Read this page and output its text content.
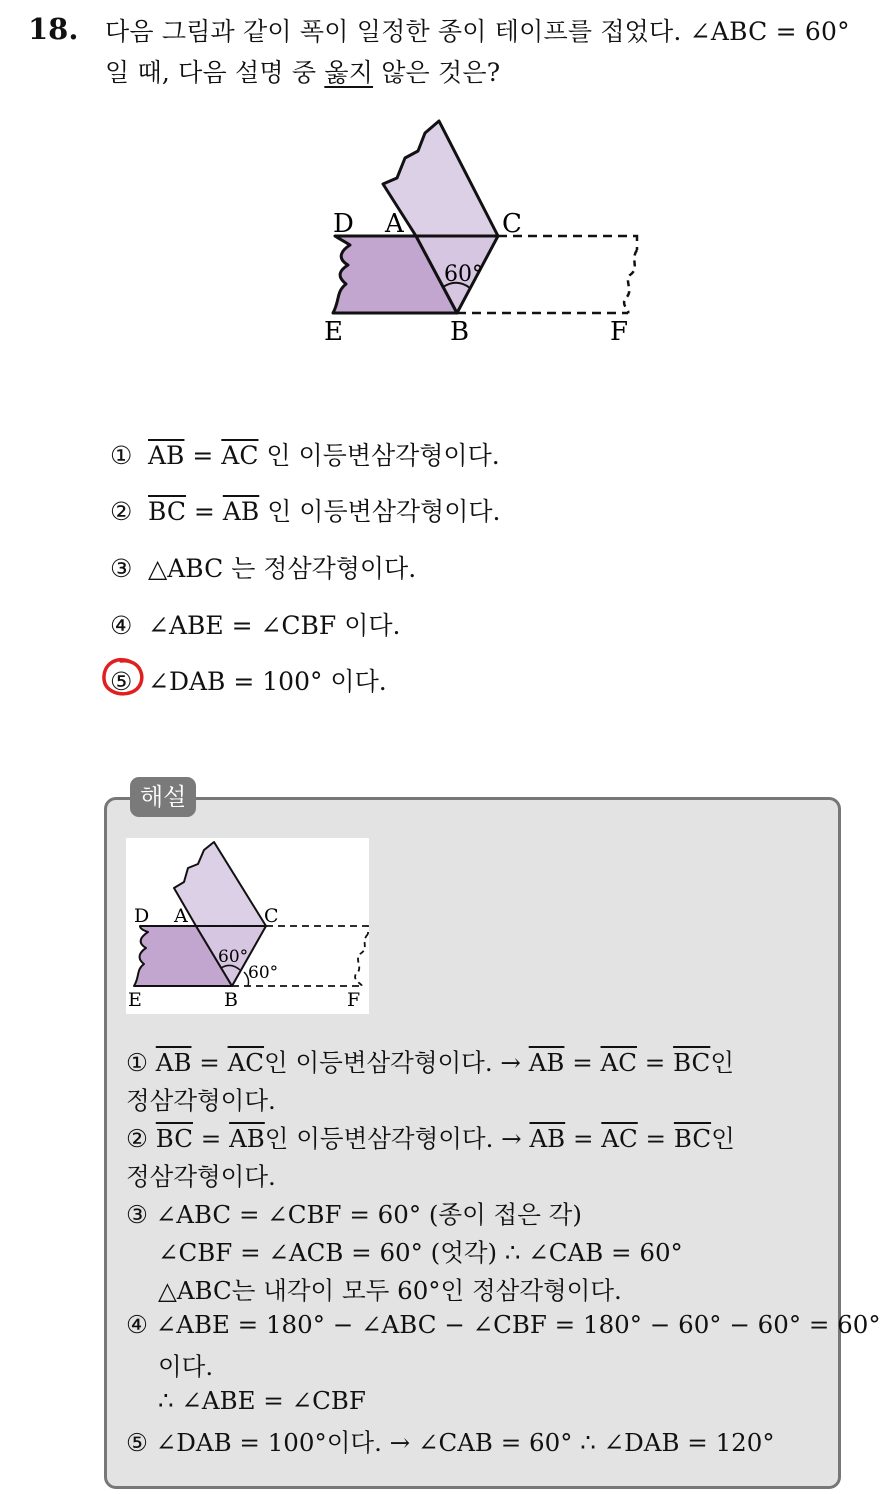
18. 다음 그림과 같이 폭이 일정한 종이 테이프를 접었다. ∠ABC = 60°
일 때, 다음 설명 중 옳지 않은 것은?
D A	C
E	B	F
60°
① $\overline{AB} = \overline{AC}$ 인 이등변삼각형이다.
② $\overline{BC} = \overline{AB}$ 인 이등변삼각형이다.
③ △ABC 는 정삼각형이다.
④ ∠ABE = ∠CBF 이다.
⑤ ∠DAB = 100° 이다.
해설
D A	C
E	B	F
60°
60°
① $\overline{AB} = \overline{AC}$인 이등변삼각형이다. → $\overline{AB} = \overline{AC} = \overline{BC}$인
정삼각형이다.
② $\overline{BC} = \overline{AB}$인 이등변삼각형이다. → $\overline{AB} = \overline{AC} = \overline{BC}$인
정삼각형이다.
③ ∠ABC = ∠CBF = 60° (종이 접은 각)
∠CBF = ∠ACB = 60° (엇각) ∴ ∠CAB = 60°
△ABC는 내각이 모두 60°인 정삼각형이다.
④ ∠ABE = 180° − ∠ABC − ∠CBF = 180° − 60° − 60° = 60°
이다.
∴ ∠ABE = ∠CBF
⑤ ∠DAB = 100°이다. → ∠CAB = 60° ∴ ∠DAB = 120°
